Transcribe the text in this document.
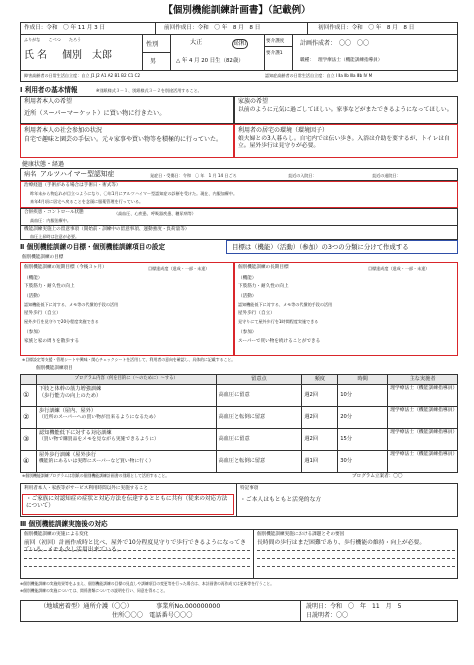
【個別機能訓練計画書】（記載例）
作成日：令和　〇 年 11 月 3 日	前回作成日：令和　〇 年　8 月　8 日	初回作成日：令和　〇 年　8 月　8 日
ふりがな　　こべつ　　たろう
氏 名 個別　太郎
性別
男
大正	昭和
△ 年 4 月 20 日生（82歳）
要介護度
要介護1
計画作成者：　〇〇　〇〇
職種： 理学療法士（機能訓練指導員）
障害高齢者の日常生活自立度：自立 J1 J2 A1 A2 B1 B2 C1 C2	認知症高齢者の日常生活自立度：自立 Ⅰ Ⅱa Ⅱb Ⅲa Ⅲb Ⅳ M
Ⅰ 利用者の基本情報	※別紙様式３－１、別紙様式３－２を別途活用すること。
利用者本人の希望
近所（スーパーマーケット）に買い物に行きたい。
家族の希望
以前のように元気に過ごしてほしい。家事などがまたできるようになってほしい。
利用者本人の社会参加の状況
自宅で趣味と園芸の手伝い。元々家事や買い物等を積極的に行っていた。
利用者の居宅の環境（環境因子）
娘夫婦との3人暮らし。自宅内では伝い歩き。入浴は介助を要するが、トイレは自立。屋外歩行は見守りが必要。
健康状態・経過
病名 アルツハイマー型認知症	発症日・受傷日：令和　〇 年　1 月 14 日ごろ	直近の入院日：	直近の退院日：
治療経過（手術がある場合は手術日・術式等）
昨年末から物忘れが目立つようになり、〇年1月にアルツハイマー型認知症の診断を受けた。現在、内服加療中。
来年4月頃に居宅へ戻ることを念頭に服薬管理を行っている。
合併疾患・コントロール状態	（高血圧、心疾患、呼吸器疾患、糖尿病等）
高血圧：内服治療中。
機能訓練実施上の留意事項（開始前・訓練中の留意事項、運動強度・負荷量等）
血圧上昇時は注意が必要。
Ⅱ 個別機能訓練の目標・個別機能訓練項目の設定	目標は（機能）（活動）（参加）の3つの分類に分けて作成する
個別機能訓練の目標
個別機能訓練の短期目標（今後３ヶ月）	目標達成度（達成・一部・未達）	個別機能訓練の長期目標	目標達成度（達成・一部・未達）
（機能）
下肢筋力・耐久性の向上
（活動）
認知機能低下に対する、メモ等の代償的手段の活用
屋外歩行（自立）
屋外歩行を見守りで20分程度実施できる
（参加）
家族と家の周りを散歩する
（機能）
下肢筋力・耐久性の向上
（活動）
認知機能低下に対する、メモ等の代償的手段の活用
屋外歩行（自立）
見守りにて屋外歩行を1時間程度実施できる
（参加）
スーパーで買い物を続けることができる
※目標設定等支援・管理シートや興味・関心チェックシートを活用して、利用者の意向を確認し、具体的に記載すること。
個別機能訓練項目
	プログラム内容（何を目的に（～のために）～する）	留意点	頻度	時間	主な実施者
①	下肢と体幹の筋力増強訓練
（歩行能力の向上のため）	高血圧に留意	週2回	10分	理学療法士（機能訓練指導員）
②	歩行訓練（屋内、屋外）
（近所のスーパーへの買い物が出来るようになるため）	高血圧と転倒に留意	週2回	20分	理学療法士（機能訓練指導員）
③	認知機能低下に対する対応訓練
（買い物で購買品をメモを見ながら実施できるように）	高血圧に留意	週2回	15分	理学療法士（機能訓練指導員）
④	屋外歩行訓練（屋外歩行
機能的にあるいは実際にスーパーなど買い物に行く）	高血圧と転倒に留意	週1回	30分	理学療法士（機能訓練指導員）
※個別機能訓練プログラムは別紙の個別機能訓練計画書の別紙として活用すること。	プログラム立案者：〇〇
利用者本人・家族等がサービス利用時間以外に実施すること
・ご家族に対認知症の症状と対応方法を伝達するとともに共有（従来の対応方法について）
特記事項
・ご本人はもともと活発的な方
Ⅲ 個別機能訓練実施後の対応
個別機能訓練の実施による変化
前回（初回）計画作成時と比べ、屋外で10分程度見守りで歩行できるようになってきている。メモも少し活用出来ている。
個別機能訓練実施における課題とその要因
長時間の歩行はまだ困難であり、歩行機能の維持・向上が必要。
※個別機能訓練の実施結果等をふまえ、個別機能訓練の目標の見直しや訓練項目の変更等を行った場合は、本計画書の再作成又は更新等を行うこと。
※個別機能訓練の実施については、関係書類についての説明を行い、同意を得ること。
（地域密着型）通所介護（〇〇）	事業所No.000000000
住所〇〇〇　電話番号〇〇〇
説明日：令和　〇　年　11　月　5
日説明者：〇〇
